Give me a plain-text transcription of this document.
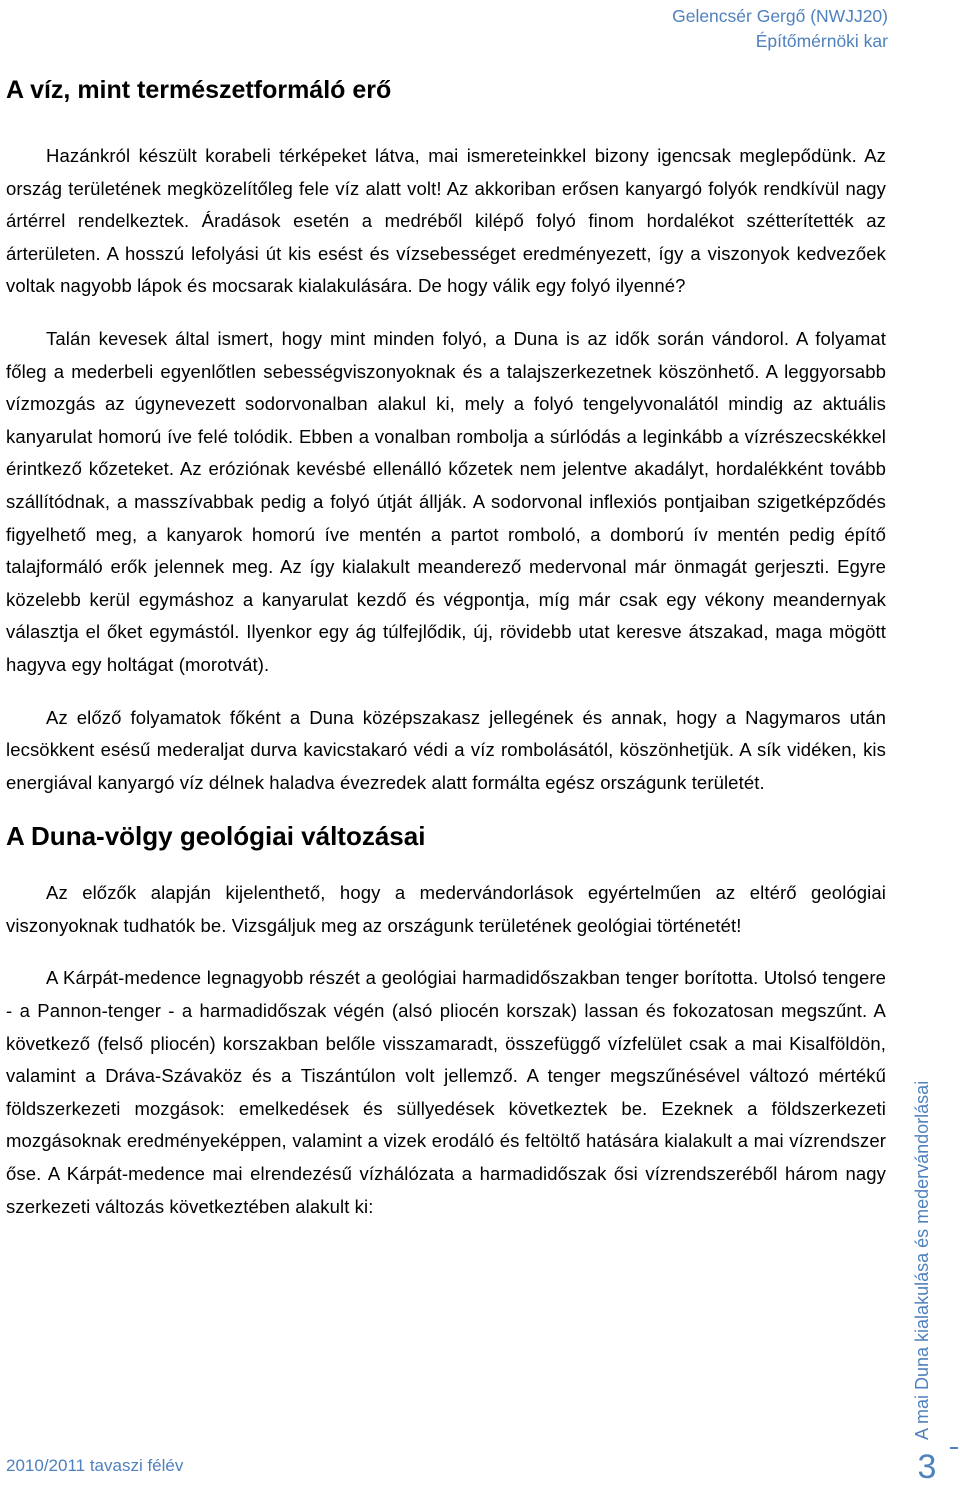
Gelencsér Gergő (NWJJ20)
Építőmérnöki kar
A víz, mint természetformáló erő

Hazánkról készült korabeli térképeket látva, mai ismereteinkkel bizony igencsak meglepődünk. Az ország területének megközelítőleg fele víz alatt volt! Az akkoriban erősen kanyargó folyók rendkívül nagy ártérrel rendelkeztek. Áradások esetén a medréből kilépő folyó finom hordalékot szétterítették az árterületen. A hosszú lefolyási út kis esést és vízsebességet eredményezett, így a viszonyok kedvezőek voltak nagyobb lápok és mocsarak kialakulására. De hogy válik egy folyó ilyenné?

Talán kevesek által ismert, hogy mint minden folyó, a Duna is az idők során vándorol. A folyamat főleg a mederbeli egyenlőtlen sebességviszonyoknak és a talajszerkezetnek köszönhető. A leggyorsabb vízmozgás az úgynevezett sodorvonalban alakul ki, mely a folyó tengelyvonalától mindig az aktuális kanyarulat homorú íve felé tolódik. Ebben a vonalban rombolja a súrlódás a leginkább a vízrészecskékkel érintkező kőzeteket. Az eróziónak kevésbé ellenálló kőzetek nem jelentve akadályt, hordalékként tovább szállítódnak, a masszívabbak pedig a folyó útját állják. A sodorvonal inflexiós pontjaiban szigetképződés figyelhető meg, a kanyarok homorú íve mentén a partot romboló, a domború ív mentén pedig építő talajformáló erők jelennek meg. Az így kialakult meanderező medervonal már önmagát gerjeszti. Egyre közelebb kerül egymáshoz a kanyarulat kezdő és végpontja, míg már csak egy vékony meandernyak választja el őket egymástól. Ilyenkor egy ág túlfejlődik, új, rövidebb utat keresve átszakad, maga mögött hagyva egy holtágat (morotvát).

Az előző folyamatok főként a Duna középszakasz jellegének és annak, hogy a Nagymaros után lecsökkent esésű mederaljat durva kavicstakaró védi a víz rombolásától, köszönhetjük. A sík vidéken, kis energiával kanyargó víz délnek haladva évezredek alatt formálta egész országunk területét.

A Duna-völgy geológiai változásai

Az előzők alapján kijelenthető, hogy a medervándorlások egyértelműen az eltérő geológiai viszonyoknak tudhatók be. Vizsgáljuk meg az országunk területének geológiai történetét!

A Kárpát-medence legnagyobb részét a geológiai harmadidőszakban tenger borította. Utolsó tengere - a Pannon-tenger - a harmadidőszak végén (alsó pliocén korszak) lassan és fokozatosan megszűnt. A következő (felső pliocén) korszakban belőle visszamaradt, összefüggő vízfelület csak a mai Kisalföldön, valamint a Dráva-Szávaköz és a Tiszántúlon volt jellemző. A tenger megszűnésével változó mértékű földszerkezeti mozgások: emelkedések és süllyedések következtek be. Ezeknek a földszerkezeti mozgásoknak eredményeképpen, valamint a vizek erodáló és feltöltő hatására kialakult a mai vízrendszer őse. A Kárpát-medence mai elrendezésű vízhálózata a harmadidőszak ősi vízrendszeréből három nagy szerkezeti változás következtében alakult ki:

2010/2011 tavaszi félév
A mai Duna kialakulása és medervándorlásai
3
